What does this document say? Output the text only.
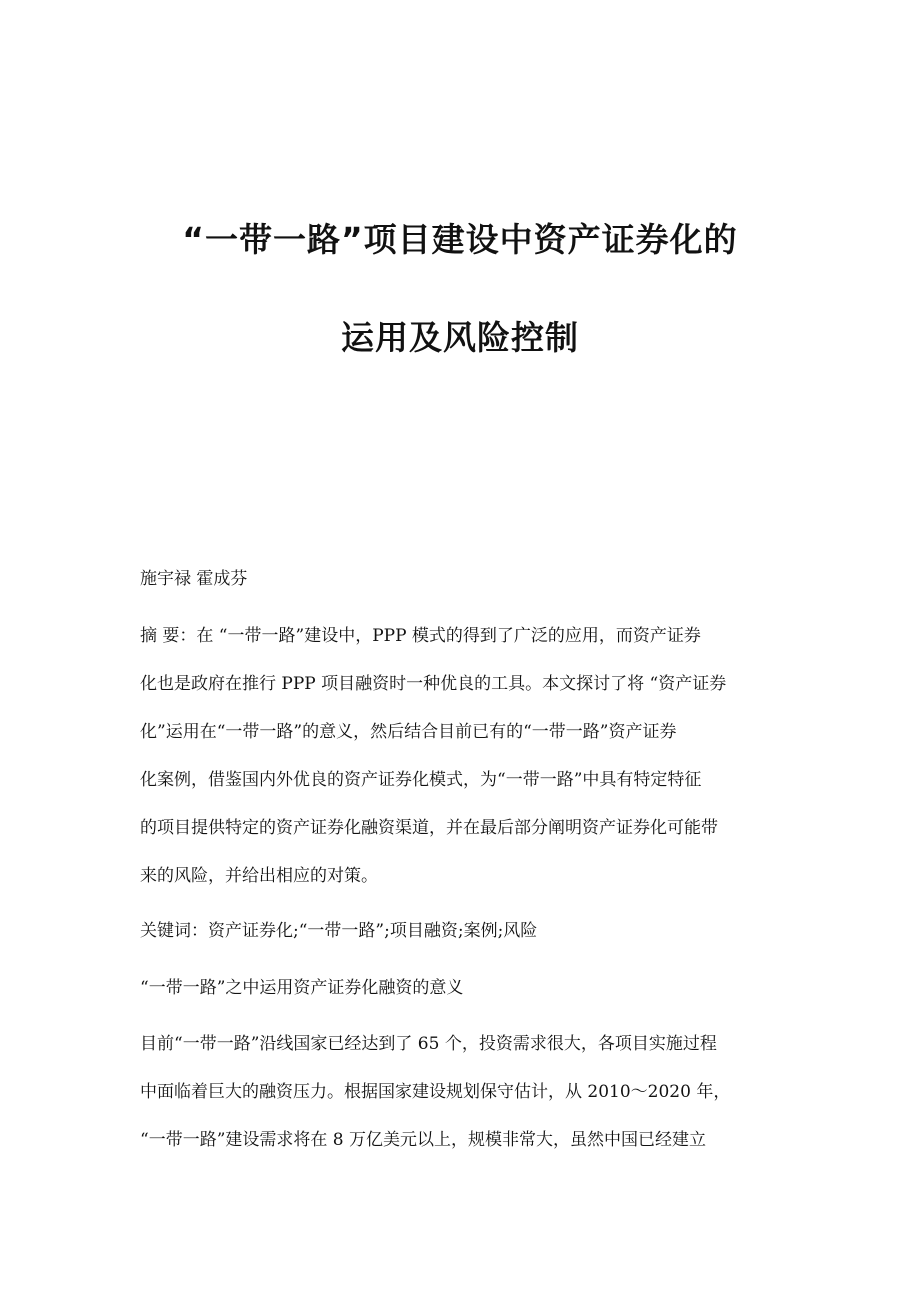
“一带一路”项目建设中资产证券化的
运用及风险控制

施宇禄 霍成芬

摘 要：在 “一带一路”建设中，PPP 模式的得到了广泛的应用，而资产证券

化也是政府在推行 PPP 项目融资时一种优良的工具。本文探讨了将 “资产证券

化”运用在“一带一路”的意义，然后结合目前已有的“一带一路”资产证券

化案例，借鉴国内外优良的资产证券化模式，为“一带一路”中具有特定特征

的项目提供特定的资产证券化融资渠道，并在最后部分阐明资产证券化可能带

来的风险，并给出相应的对策。

关键词：资产证券化;“一带一路”;项目融资;案例;风险

“一带一路”之中运用资产证券化融资的意义

目前“一带一路”沿线国家已经达到了 65 个，投资需求很大，各项目实施过程

中面临着巨大的融资压力。根据国家建设规划保守估计，从 2010～2020 年，

“一带一路”建设需求将在 8 万亿美元以上，规模非常大，虽然中国已经建立
